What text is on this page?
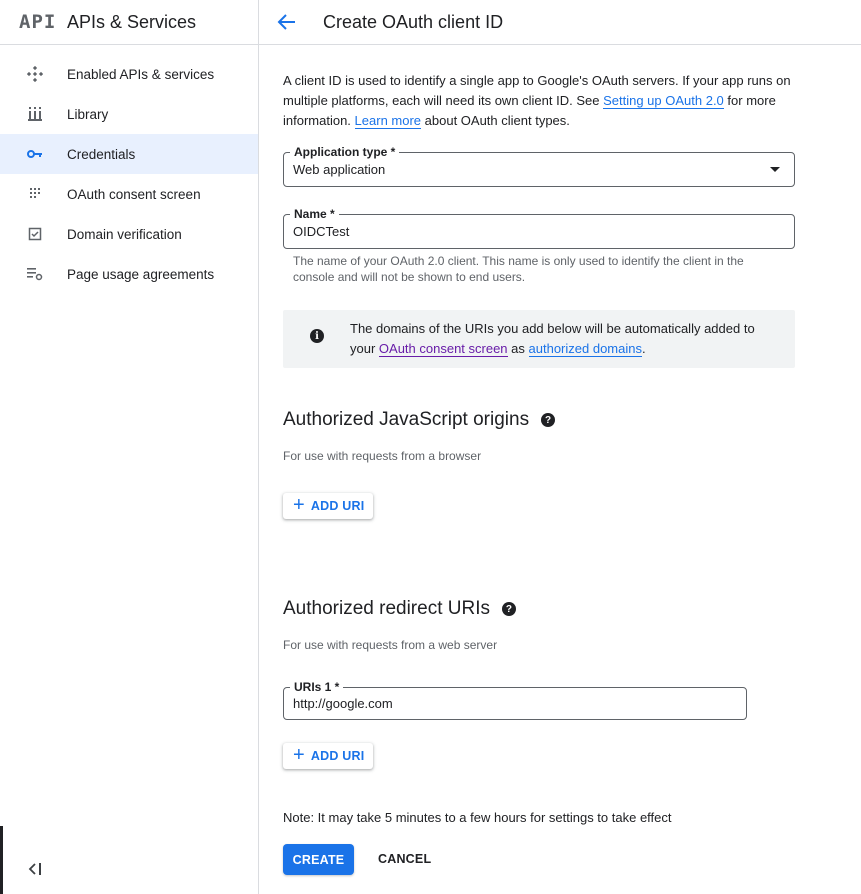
API APIs & Services
Enabled APIs & services
Library
Credentials
OAuth consent screen
Domain verification
Page usage agreements
Create OAuth client ID
A client ID is used to identify a single app to Google's OAuth servers. If your app runs on multiple platforms, each will need its own client ID. See Setting up OAuth 2.0 for more information. Learn more about OAuth client types.
Application type *
Web application
Name *
OIDCTest
The name of your OAuth 2.0 client. This name is only used to identify the client in the console and will not be shown to end users.
i	The domains of the URIs you add below will be automatically added to your OAuth consent screen as authorized domains.
Authorized JavaScript origins	?
For use with requests from a browser
+ ADD URI
Authorized redirect URIs	?
For use with requests from a web server
URIs 1 *
http://google.com
+ ADD URI
Note: It may take 5 minutes to a few hours for settings to take effect
CREATE	CANCEL
